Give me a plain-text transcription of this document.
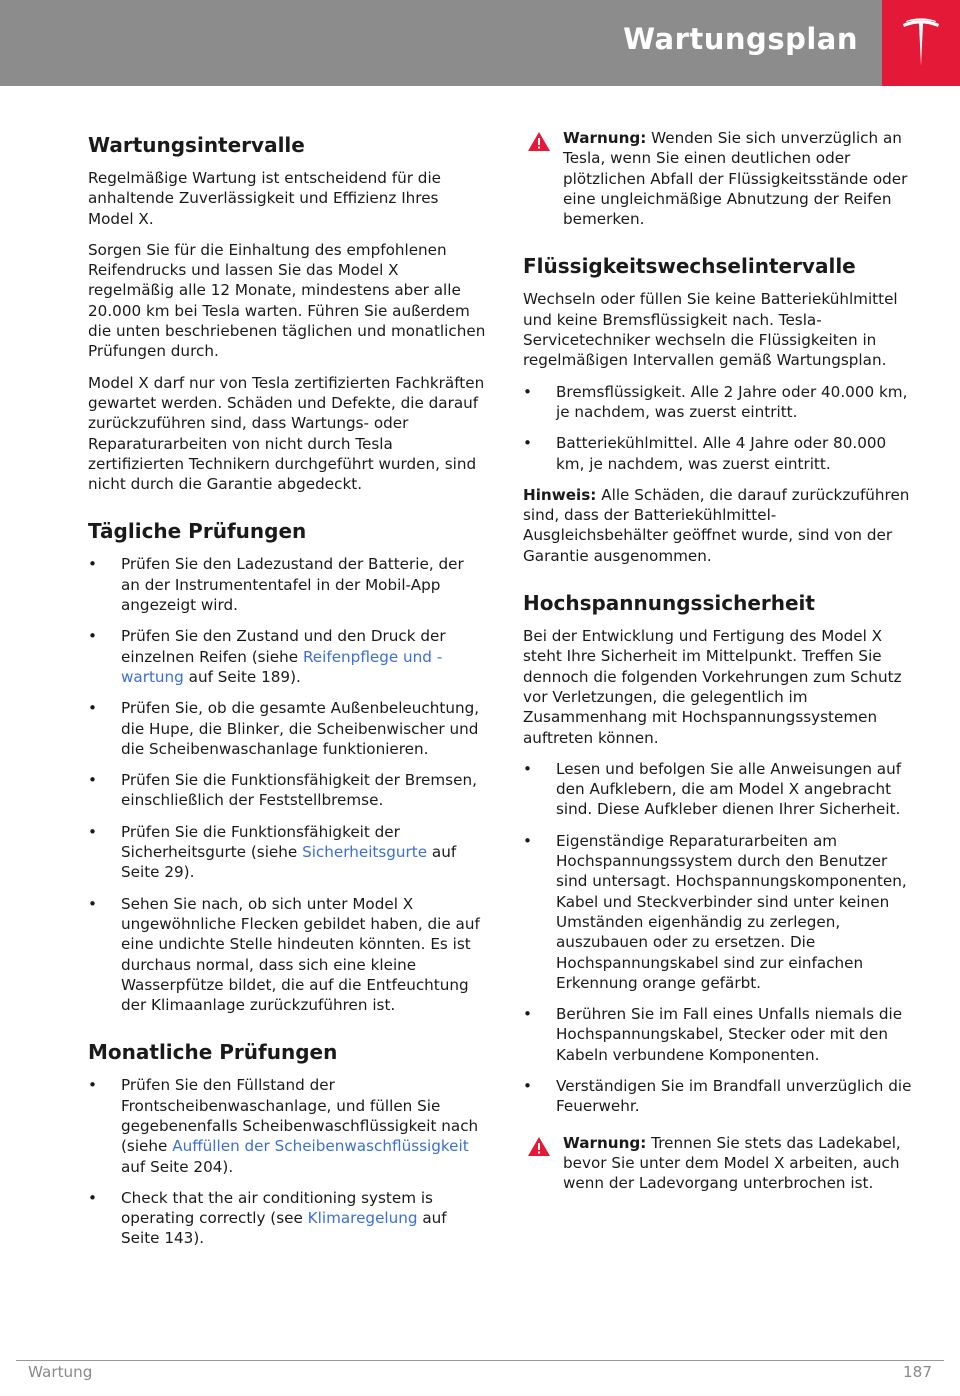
Wartungsplan
Wartungsintervalle

Regelmäßige Wartung ist entscheidend für die anhaltende Zuverlässigkeit und Effizienz Ihres Model X.

Sorgen Sie für die Einhaltung des empfohlenen Reifendrucks und lassen Sie das Model X regelmäßig alle 12 Monate, mindestens aber alle 20.000 km bei Tesla warten. Führen Sie außerdem die unten beschriebenen täglichen und monatlichen Prüfungen durch.

Model X darf nur von Tesla zertifizierten Fachkräften gewartet werden. Schäden und Defekte, die darauf zurückzuführen sind, dass Wartungs- oder Reparaturarbeiten von nicht durch Tesla zertifizierten Technikern durchgeführt wurden, sind nicht durch die Garantie abgedeckt.

Tägliche Prüfungen
•	Prüfen Sie den Ladezustand der Batterie, der an der Instrumententafel in der Mobil-App angezeigt wird.
•	Prüfen Sie den Zustand und den Druck der einzelnen Reifen (siehe Reifenpflege und -wartung auf Seite 189).
•	Prüfen Sie, ob die gesamte Außenbeleuchtung, die Hupe, die Blinker, die Scheibenwischer und die Scheibenwaschanlage funktionieren.
•	Prüfen Sie die Funktionsfähigkeit der Bremsen, einschließlich der Feststellbremse.
•	Prüfen Sie die Funktionsfähigkeit der Sicherheitsgurte (siehe Sicherheitsgurte auf Seite 29).
•	Sehen Sie nach, ob sich unter Model X ungewöhnliche Flecken gebildet haben, die auf eine undichte Stelle hindeuten könnten. Es ist durchaus normal, dass sich eine kleine Wasserpfütze bildet, die auf die Entfeuchtung der Klimaanlage zurückzuführen ist.
Monatliche Prüfungen
•	Prüfen Sie den Füllstand der Frontscheibenwaschanlage, und füllen Sie gegebenenfalls Scheibenwaschflüssigkeit nach (siehe Auffüllen der Scheibenwaschflüssigkeit auf Seite 204).
•	Check that the air conditioning system is operating correctly (see Klimaregelung auf Seite 143).
Warnung: Wenden Sie sich unverzüglich an Tesla, wenn Sie einen deutlichen oder plötzlichen Abfall der Flüssigkeitsstände oder eine ungleichmäßige Abnutzung der Reifen bemerken.
Flüssigkeitswechselintervalle

Wechseln oder füllen Sie keine Batteriekühlmittel und keine Bremsflüssigkeit nach. Tesla-Servicetechniker wechseln die Flüssigkeiten in regelmäßigen Intervallen gemäß Wartungsplan.

•	Bremsflüssigkeit. Alle 2 Jahre oder 40.000 km, je nachdem, was zuerst eintritt.
•	Batteriekühlmittel. Alle 4 Jahre oder 80.000 km, je nachdem, was zuerst eintritt.

Hinweis: Alle Schäden, die darauf zurückzuführen sind, dass der Batteriekühlmittel-Ausgleichsbehälter geöffnet wurde, sind von der Garantie ausgenommen.

Hochspannungssicherheit

Bei der Entwicklung und Fertigung des Model X steht Ihre Sicherheit im Mittelpunkt. Treffen Sie dennoch die folgenden Vorkehrungen zum Schutz vor Verletzungen, die gelegentlich im Zusammenhang mit Hochspannungssystemen auftreten können.

•	Lesen und befolgen Sie alle Anweisungen auf den Aufklebern, die am Model X angebracht sind. Diese Aufkleber dienen Ihrer Sicherheit.
•	Eigenständige Reparaturarbeiten am Hochspannungssystem durch den Benutzer sind untersagt. Hochspannungskomponenten, Kabel und Steckverbinder sind unter keinen Umständen eigenhändig zu zerlegen, auszubauen oder zu ersetzen. Die Hochspannungskabel sind zur einfachen Erkennung orange gefärbt.
•	Berühren Sie im Fall eines Unfalls niemals die Hochspannungskabel, Stecker oder mit den Kabeln verbundene Komponenten.
•	Verständigen Sie im Brandfall unverzüglich die Feuerwehr.
Warnung: Trennen Sie stets das Ladekabel, bevor Sie unter dem Model X arbeiten, auch wenn der Ladevorgang unterbrochen ist.
Wartung	187
